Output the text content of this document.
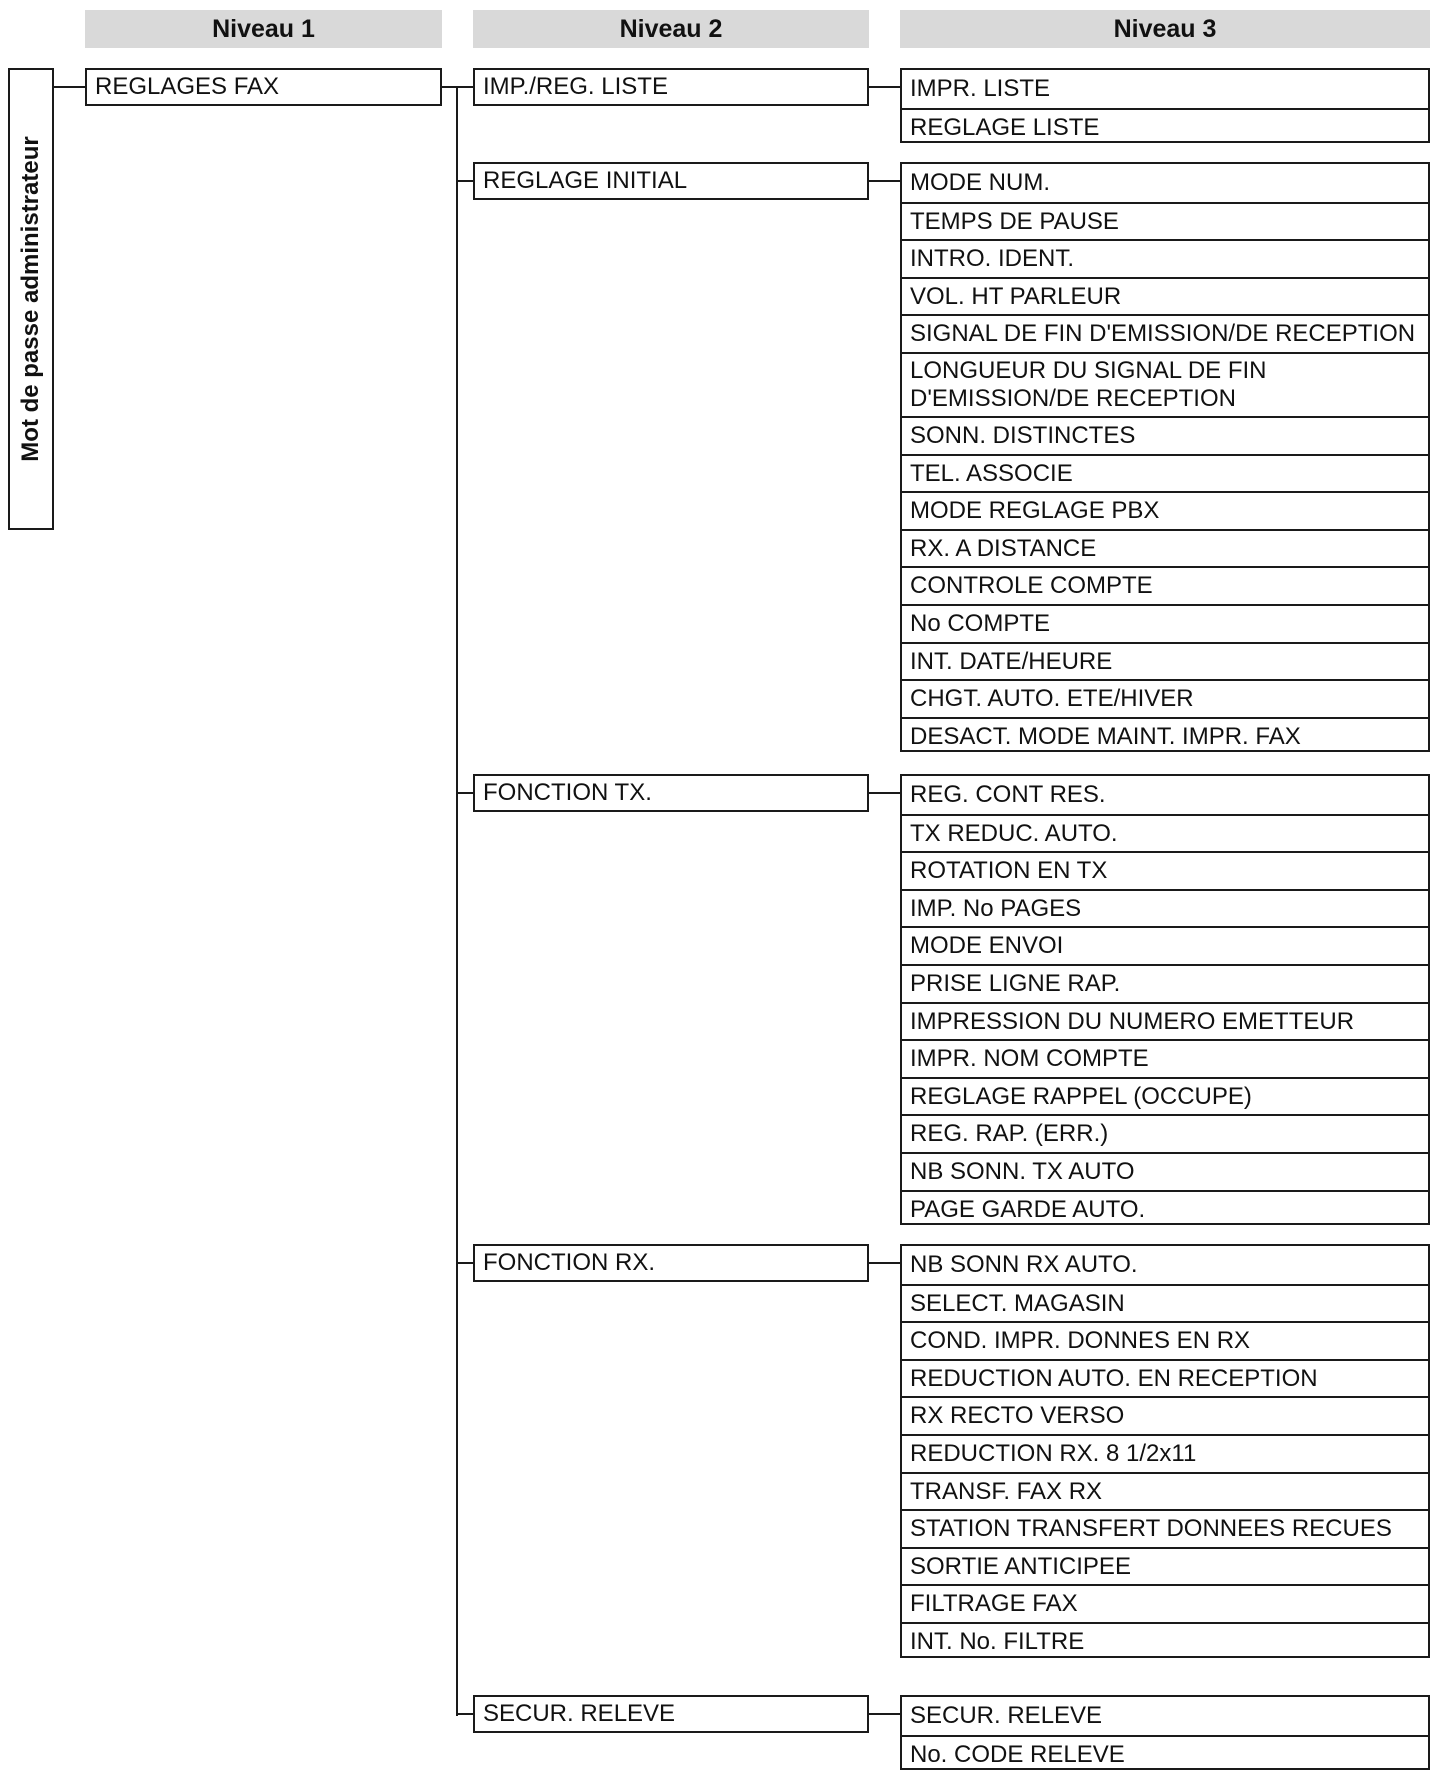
Niveau 1	Niveau 2	Niveau 3
Mot de passe administrateur
REGLAGES FAX	IMP./REG. LISTE	IMPR. LISTE
REGLAGE LISTE
REGLAGE INITIAL	MODE NUM.
TEMPS DE PAUSE
INTRO. IDENT.
VOL. HT PARLEUR
SIGNAL DE FIN D'EMISSION/DE RECEPTION
LONGUEUR DU SIGNAL DE FIN D'EMISSION/DE RECEPTION
SONN. DISTINCTES
TEL. ASSOCIE
MODE REGLAGE PBX
RX. A DISTANCE
CONTROLE COMPTE
No COMPTE
INT. DATE/HEURE
CHGT. AUTO. ETE/HIVER
DESACT. MODE MAINT. IMPR. FAX
FONCTION TX.	REG. CONT RES.
TX REDUC. AUTO.
ROTATION EN TX
IMP. No PAGES
MODE ENVOI
PRISE LIGNE RAP.
IMPRESSION DU NUMERO EMETTEUR
IMPR. NOM COMPTE
REGLAGE RAPPEL (OCCUPE)
REG. RAP. (ERR.)
NB SONN. TX AUTO
PAGE GARDE AUTO.
FONCTION RX.	NB SONN RX AUTO.
SELECT. MAGASIN
COND. IMPR. DONNES EN RX
REDUCTION AUTO. EN RECEPTION
RX RECTO VERSO
REDUCTION RX. 8 1/2x11
TRANSF. FAX RX
STATION TRANSFERT DONNEES RECUES
SORTIE ANTICIPEE
FILTRAGE FAX
INT. No. FILTRE
SECUR. RELEVE	SECUR. RELEVE
No. CODE RELEVE
